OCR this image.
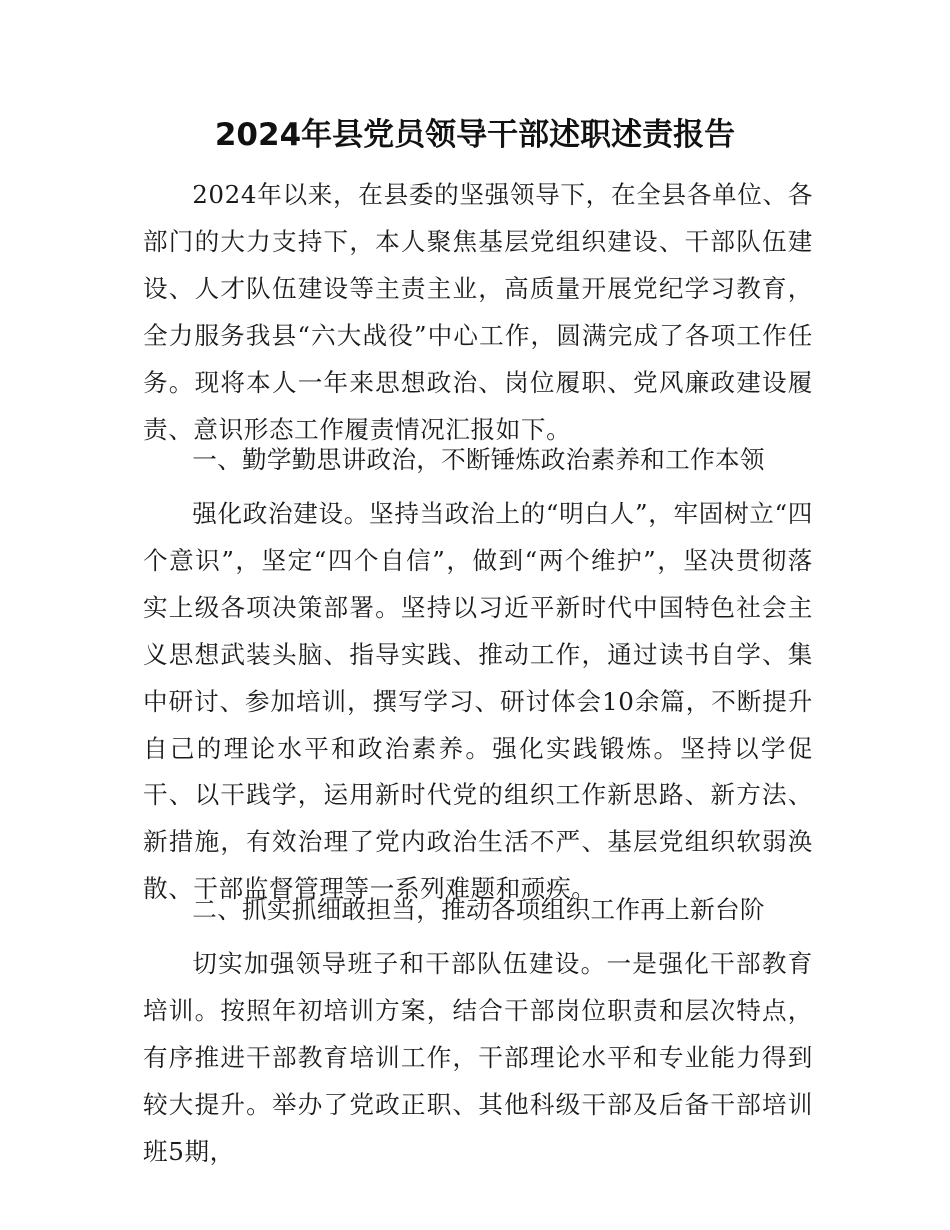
2024年县党员领导干部述职述责报告

2024年以来，在县委的坚强领导下，在全县各单位、各部门的大力支持下，本人聚焦基层党组织建设、干部队伍建设、人才队伍建设等主责主业，高质量开展党纪学习教育，全力服务我县“六大战役”中心工作，圆满完成了各项工作任务。现将本人一年来思想政治、岗位履职、党风廉政建设履责、意识形态工作履责情况汇报如下。

一、勤学勤思讲政治，不断锤炼政治素养和工作本领

强化政治建设。坚持当政治上的“明白人”，牢固树立“四个意识”，坚定“四个自信”，做到“两个维护”，坚决贯彻落实上级各项决策部署。坚持以习近平新时代中国特色社会主义思想武装头脑、指导实践、推动工作，通过读书自学、集中研讨、参加培训，撰写学习、研讨体会10余篇，不断提升自己的理论水平和政治素养。强化实践锻炼。坚持以学促干、以干践学，运用新时代党的组织工作新思路、新方法、新措施，有效治理了党内政治生活不严、基层党组织软弱涣散、干部监督管理等一系列难题和顽疾。

二、抓实抓细敢担当，推动各项组织工作再上新台阶

切实加强领导班子和干部队伍建设。一是强化干部教育培训。按照年初培训方案，结合干部岗位职责和层次特点，有序推进干部教育培训工作，干部理论水平和专业能力得到较大提升。举办了党政正职、其他科级干部及后备干部培训班5期，
